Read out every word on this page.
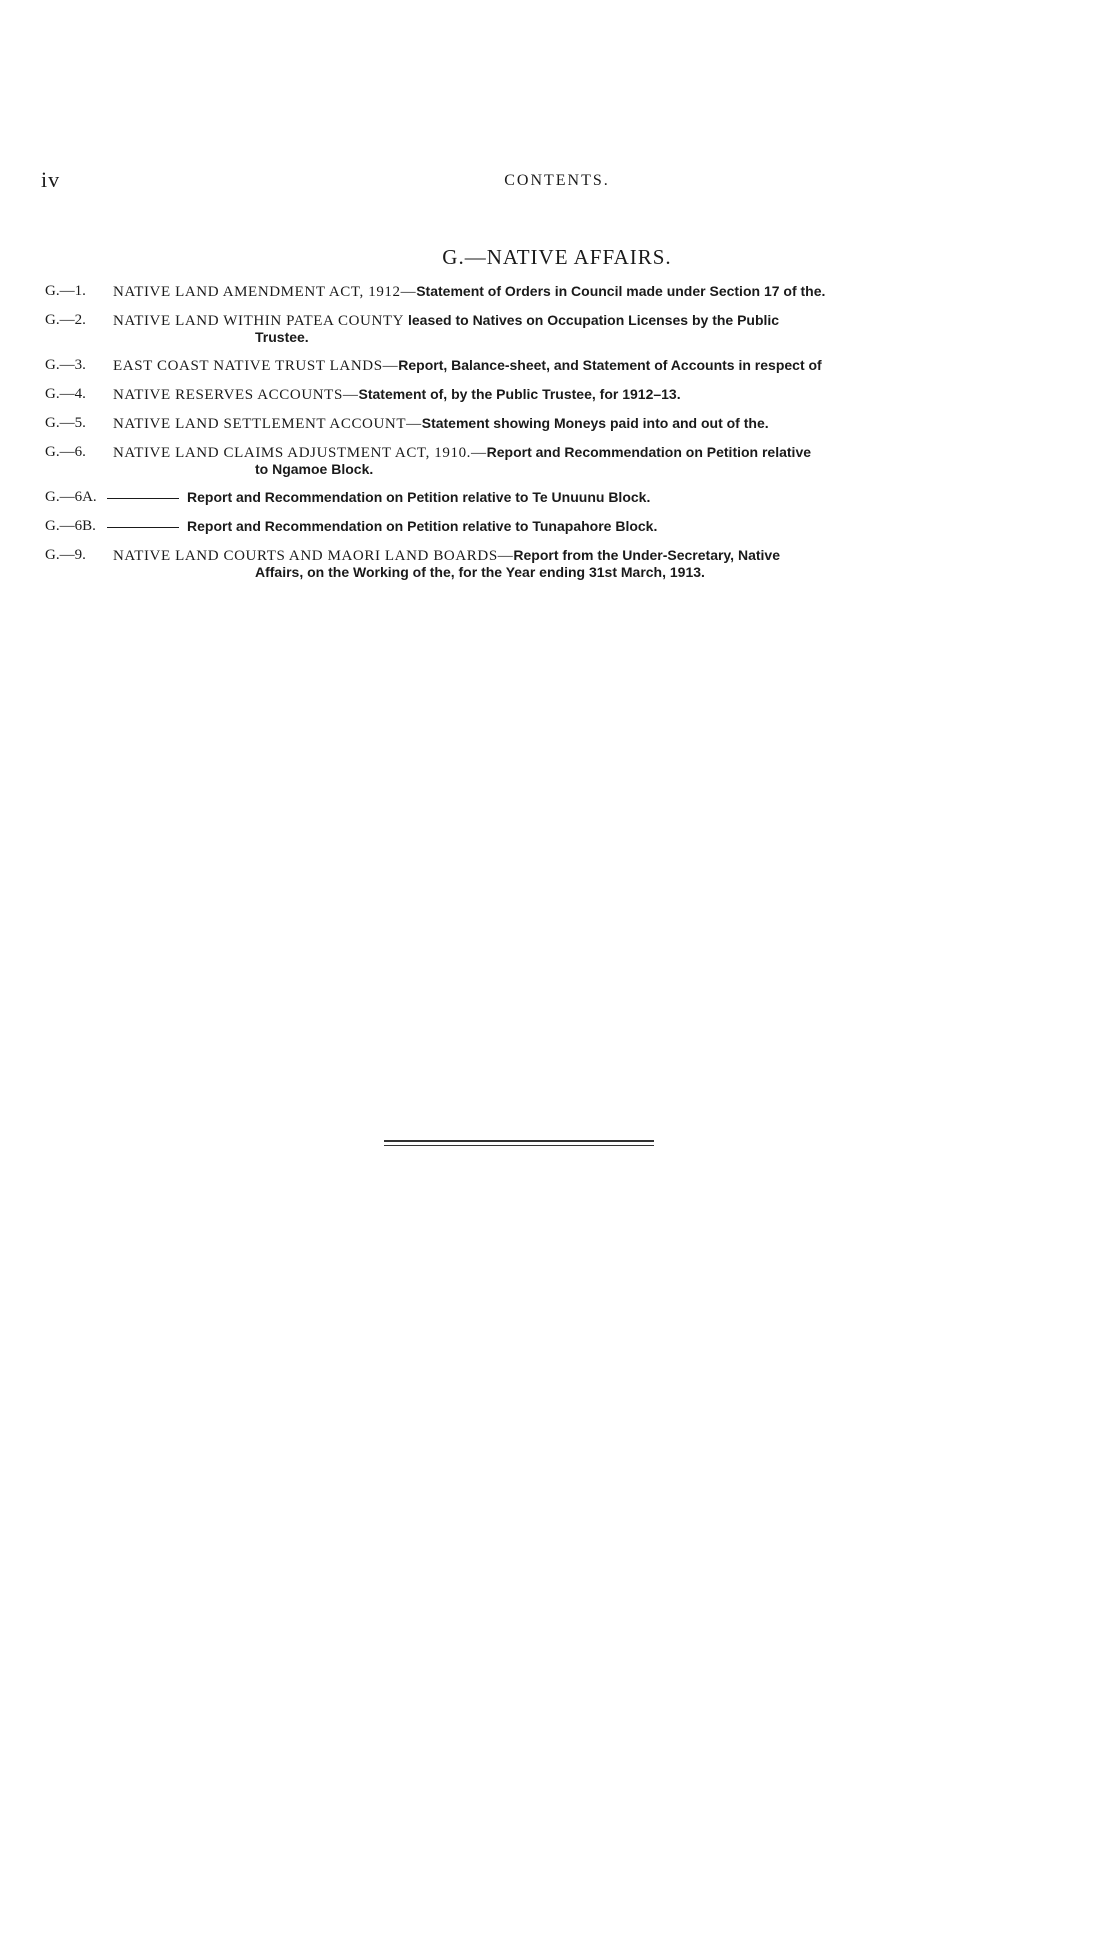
iv	CONTENTS.
G.—NATIVE AFFAIRS.
G.—1.	NATIVE LAND AMENDMENT ACT, 1912—Statement of Orders in Council made under Section 17 of the.
G.—2.	NATIVE LAND WITHIN PATEA COUNTY leased to Natives on Occupation Licenses by the Public
Trustee.
G.—3.	EAST COAST NATIVE TRUST LANDS—Report, Balance-sheet, and Statement of Accounts in respect of
G.—4.	NATIVE RESERVES ACCOUNTS—Statement of, by the Public Trustee, for 1912–13.
G.—5.	NATIVE LAND SETTLEMENT ACCOUNT—Statement showing Moneys paid into and out of the.
G.—6.	NATIVE LAND CLAIMS ADJUSTMENT ACT, 1910.—Report and Recommendation on Petition relative
to Ngamoe Block.
G.—6A.	Report and Recommendation on Petition relative to Te Unuunu Block.
G.—6B.	Report and Recommendation on Petition relative to Tunapahore Block.
G.—9.	NATIVE LAND COURTS AND MAORI LAND BOARDS—Report from the Under-Secretary, Native
Affairs, on the Working of the, for the Year ending 31st March, 1913.
